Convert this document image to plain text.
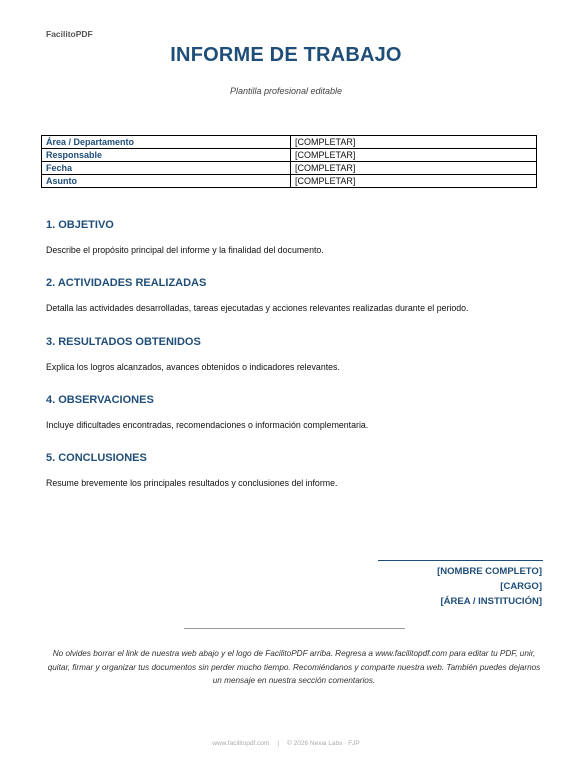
FacilitoPDF
INFORME DE TRABAJO
Plantilla profesional editable
Área / Departamento	[COMPLETAR]
Responsable	[COMPLETAR]
Fecha	[COMPLETAR]
Asunto	[COMPLETAR]
1. OBJETIVO

Describe el propósito principal del informe y la finalidad del documento.

2. ACTIVIDADES REALIZADAS

Detalla las actividades desarrolladas, tareas ejecutadas y acciones relevantes realizadas durante el periodo.

3. RESULTADOS OBTENIDOS

Explica los logros alcanzados, avances obtenidos o indicadores relevantes.

4. OBSERVACIONES

Incluye dificultades encontradas, recomendaciones o información complementaria.

5. CONCLUSIONES

Resume brevemente los principales resultados y conclusiones del informe.

[NOMBRE COMPLETO]
[CARGO]
[ÁREA / INSTITUCIÓN]
No olvides borrar el link de nuestra web abajo y el logo de FacilitoPDF arriba. Regresa a www.facilitopdf.com para editar tu PDF, unir, quitar, firmar y organizar tus documentos sin perder mucho tiempo. Recomiéndanos y comparte nuestra web. También puedes dejarnos un mensaje en nuestra sección comentarios.
www.facilitopdf.com | © 2026 Nexia Labs · FJP
